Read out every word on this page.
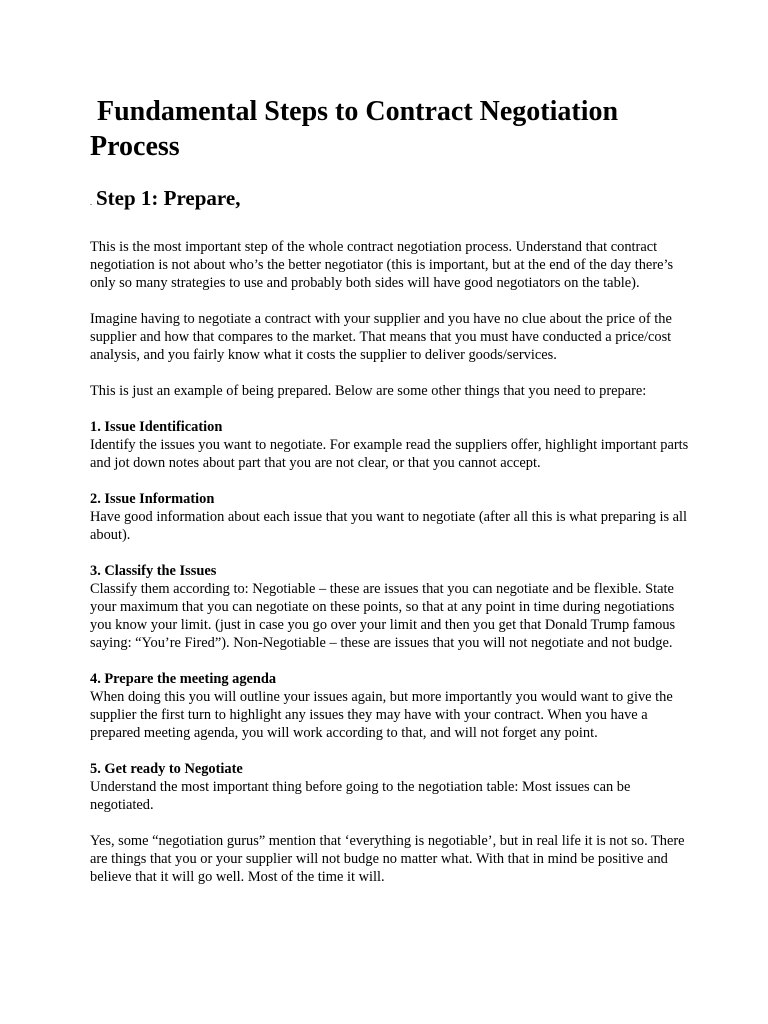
Fundamental Steps to Contract Negotiation Process
. Step 1: Prepare,

This is the most important step of the whole contract negotiation process. Understand that contract negotiation is not about who’s the better negotiator (this is important, but at the end of the day there’s only so many strategies to use and probably both sides will have good negotiators on the table).

Imagine having to negotiate a contract with your supplier and you have no clue about the price of the supplier and how that compares to the market. That means that you must have conducted a price/cost analysis, and you fairly know what it costs the supplier to deliver goods/services.

This is just an example of being prepared. Below are some other things that you need to prepare:

1. Issue Identification
Identify the issues you want to negotiate. For example read the suppliers offer, highlight important parts and jot down notes about part that you are not clear, or that you cannot accept.
2. Issue Information
Have good information about each issue that you want to negotiate (after all this is what preparing is all about).
3. Classify the Issues
Classify them according to: Negotiable – these are issues that you can negotiate and be flexible. State your maximum that you can negotiate on these points, so that at any point in time during negotiations you know your limit. (just in case you go over your limit and then you get that Donald Trump famous saying: “You’re Fired”). Non-Negotiable – these are issues that you will not negotiate and not budge.
4. Prepare the meeting agenda
When doing this you will outline your issues again, but more importantly you would want to give the supplier the first turn to highlight any issues they may have with your contract. When you have a prepared meeting agenda, you will work according to that, and will not forget any point.
5. Get ready to Negotiate
Understand the most important thing before going to the negotiation table: Most issues can be negotiated.

Yes, some “negotiation gurus” mention that ‘everything is negotiable’, but in real life it is not so. There are things that you or your supplier will not budge no matter what. With that in mind be positive and believe that it will go well. Most of the time it will.
